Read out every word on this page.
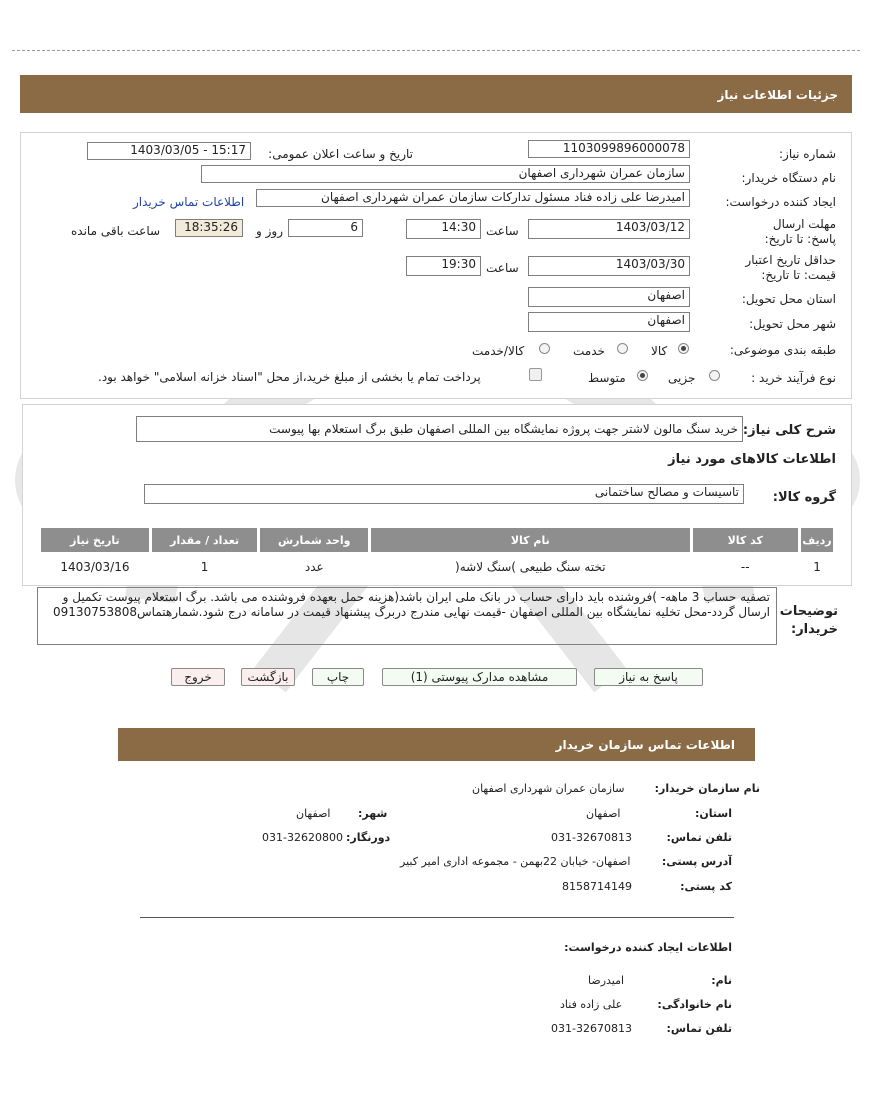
جزئیات اطلاعات نیاز
شماره نیاز:
1103099896000078
تاریخ و ساعت اعلان عمومی:
1403/03/05 - 15:17
نام دستگاه خریدار:
سازمان عمران شهرداری اصفهان
ایجاد کننده درخواست:
امیدرضا علی زاده فناد مسئول تدارکات سازمان عمران شهرداری اصفهان
اطلاعات تماس خریدار
مهلت ارسال پاسخ: تا تاریخ:
1403/03/12
ساعت
14:30
6
روز و
18:35:26
ساعت باقی مانده
حداقل تاریخ اعتبار قیمت: تا تاریخ:
1403/03/30
ساعت
19:30
استان محل تحویل:
اصفهان
شهر محل تحویل:
اصفهان
طبقه بندی موضوعی:
کالا
خدمت
کالا/خدمت
نوع فرآیند خرید :
جزیی
متوسط
پرداخت تمام یا بخشی از مبلغ خرید،از محل "اسناد خزانه اسلامی" خواهد بود.
شرح کلی نیاز:
خرید سنگ مالون لاشتر جهت پروژه نمایشگاه بین المللی اصفهان طبق برگ استعلام بها پیوست
اطلاعات کالاهای مورد نیاز
گروه کالا:
تاسیسات و مصالح ساختمانی
ردیف	کد کالا	نام کالا	واحد شمارش	تعداد / مقدار	تاریخ نیاز
1	--	تخته سنگ طبیعی )سنگ لاشه(	عدد	1	1403/03/16
توضیحات خریدار:
تصفیه حساب 3 ماهه- )فروشنده باید دارای حساب در بانک ملی ایران باشد(هزینه حمل بعهده فروشنده می باشد. برگ استعلام پیوست تکمیل و ارسال گردد-محل تخلیه نمایشگاه بین المللی اصفهان -قیمت نهایی مندرج دربرگ پیشنهاد قیمت در سامانه درج شود.شمارهتماس09130753808
پاسخ به نیاز
مشاهده مدارک پیوستی (1)
چاپ
بازگشت
خروج
اطلاعات تماس سازمان خریدار
نام سازمان خریدار:
سازمان عمران شهرداری اصفهان
استان:
اصفهان
شهر:
اصفهان
تلفن تماس:
031-32670813
دورنگار:
031-32620800
آدرس پستی:
اصفهان- خیابان 22بهمن - مجموعه اداری امیر کبیر
کد پستی:
8158714149
اطلاعات ایجاد کننده درخواست:
نام:
امیدرضا
نام خانوادگی:
علی زاده فناد
تلفن تماس:
031-32670813
